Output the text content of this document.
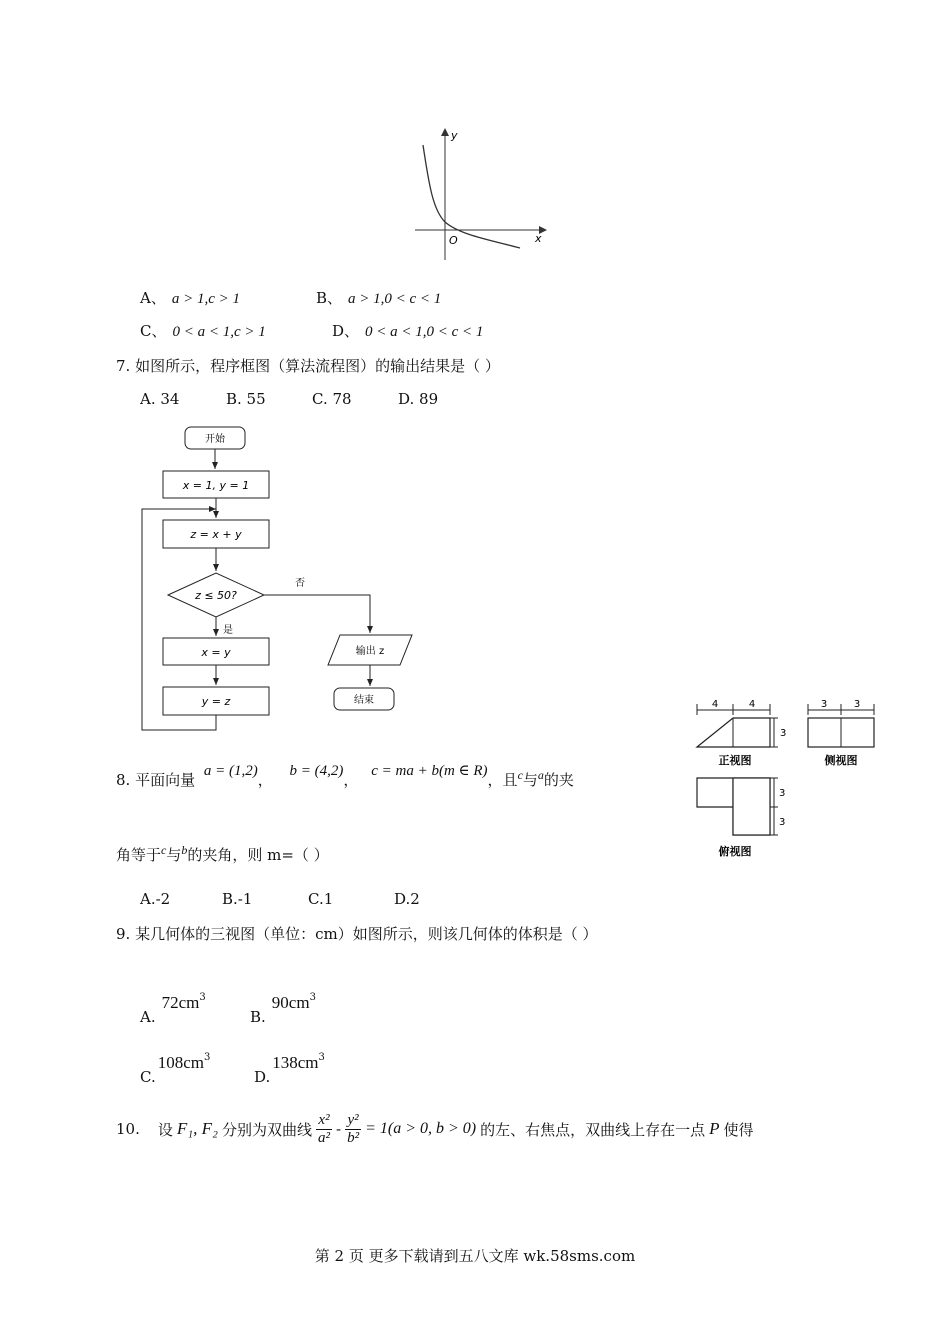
y
x
O
A、 a > 1,c > 1	B、 a > 1,0 < c < 1
C、 0 < a < 1,c > 1	D、 0 < a < 1,0 < c < 1
7. 如图所示，程序框图（算法流程图）的输出结果是（ ）
A. 34	B. 55	C. 78	D. 89
开始
x = 1, y = 1
z = x + y
z ≤ 50?
否
是
x = y
y = z
输出 z
结束	4	4
3
正视图
3	3
3
侧视图
3
3
俯视图
8. 平面向量 a = (1,2)， b = (4,2)， c = ma + b(m ∈ R)，且$^c$与$^a$的夹
角等于$^c$与$^b$的夹角，则 m=（ ）
A.-2	B.-1	C.1	D.2
9. 某几何体的三视图（单位：cm）如图所示，则该几何体的体积是（ ）
$A.72cm^3$
$B.90cm^3$
$C.108cm^3$
$D.138cm^3$
10. 设 F₁, F₂ 分别为双曲线 $\frac{\text{x²}}{\text{a²}} - \frac{\text{y²}}{\text{b²}} = 1(a > 0$, b > 0) 的左、右焦点，双曲线上存在一点 P 使得
第 2 页 更多下载请到五八文库 wk.58sms.com
